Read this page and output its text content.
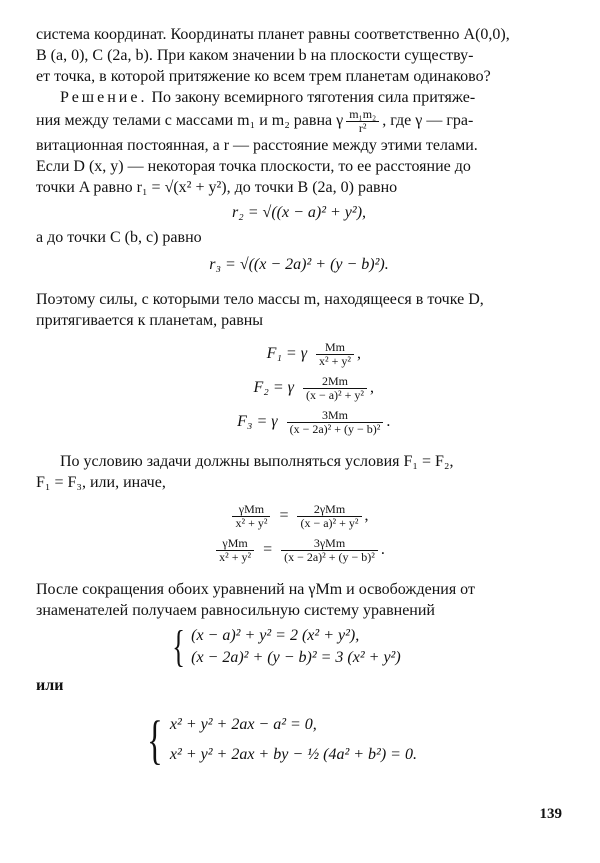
система координат. Координаты планет равны соответственно A(0,0),

B (a, 0), C (2a, b). При каком значении b на плоскости существу-

ет точка, в которой притяжение ко всем трем планетам одинаково?

Решение. По закону всемирного тяготения сила притяже-

ния между телами с массами m₁ и m₂ равна γ $\frac{\text{m₁m₂}}{\text{r²}}$ , где γ — гра-

витационная постоянная, а r — расстояние между этими телами.

Если D (x, y) — некоторая точка плоскости, то ее расстояние до

точки A равно r₁ = √(x² + y²), до точки B (2a, 0) равно

r₂ = √((x − a)² + y²),

а до точки C (b, c) равно

r₃ = √((x − 2a)² + (y − b)²).

Поэтому силы, с которыми тело массы m, находящееся в точке D,

притягивается к планетам, равны

F₁ = γ $\frac{Mm}{\text{x² + y²}}$ ,
F₂ = γ $\frac{2Mm}{\text{(x − a)² + y²}}$ ,
F₃ = γ $\frac{3Mm}{\text{(x − 2a)² + (y − b)²}}$ .

По условию задачи должны выполняться условия F₁ = F₂,

F₁ = F₃, или, иначе,

$\frac{\text{γMm}}{\text{x² + y²}} = \frac{\text{2γMm}}{\text{(x − a)² + y²}}$ ,
$\frac{\text{γMm}}{\text{x² + y²}} = \frac{\text{3γMm}}{\text{(x − 2a)² + (y − b)²}}$ .

После сокращения обоих уравнений на γMm и освобождения от

знаменателей получаем равносильную систему уравнений

{ (x − a)² + y² = 2 (x² + y²),
(x − 2a)² + (y − b)² = 3 (x² + y²)

или

{ x² + y² + 2ax − a² = 0,
x² + y² + 2ax + by − ½ (4a² + b²) = 0.
139
